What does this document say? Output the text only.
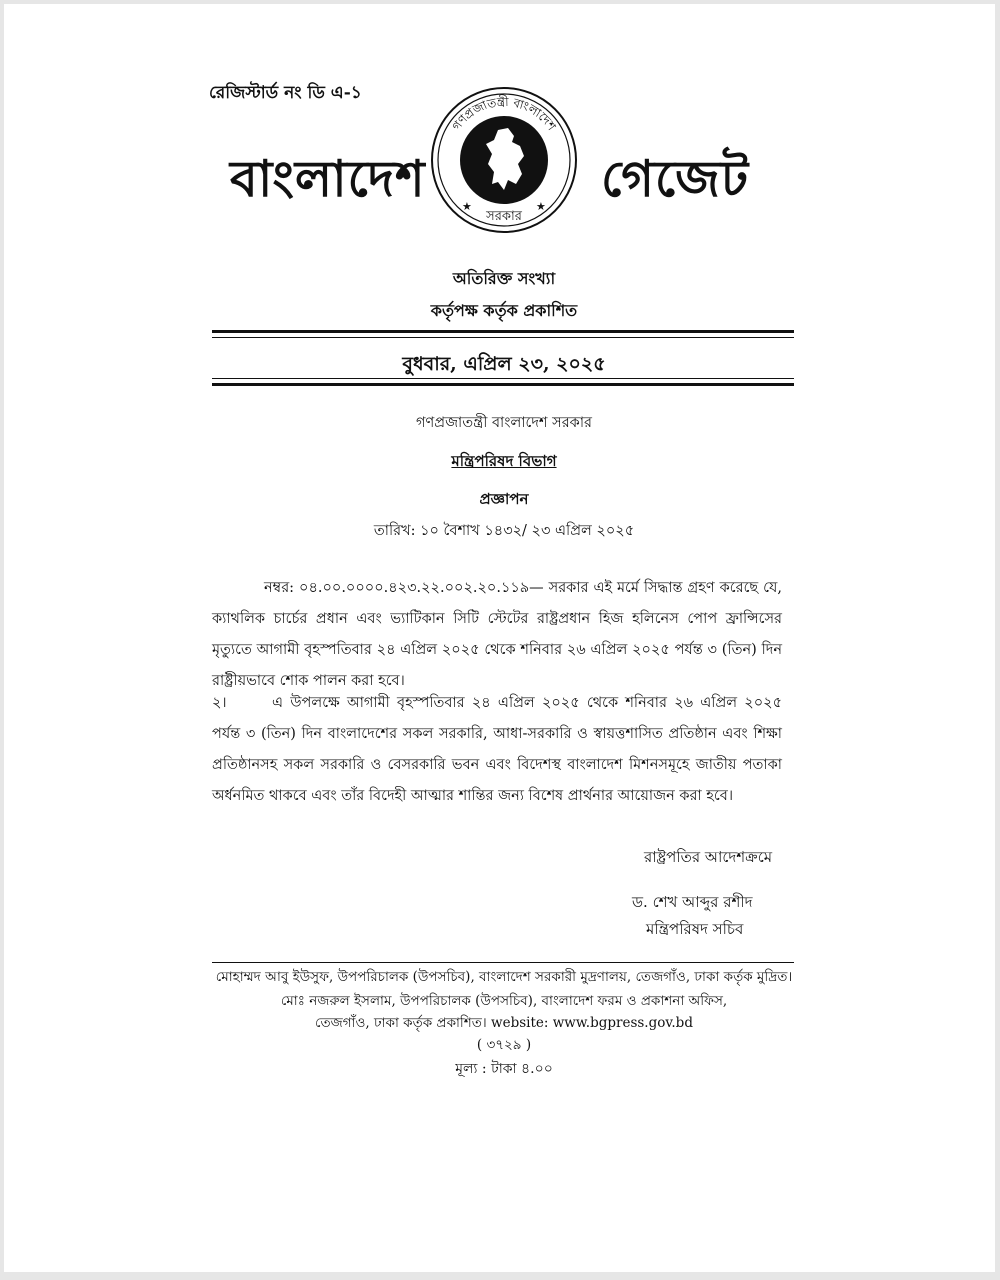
রেজিস্টার্ড নং ডি এ-১
বাংলাদেশ
গণপ্রজাতন্ত্রী বাংলাদেশ
সরকার
★	★ গেজেট
অতিরিক্ত সংখ্যা
কর্তৃপক্ষ কর্তৃক প্রকাশিত
বুধবার, এপ্রিল ২৩, ২০২৫
গণপ্রজাতন্ত্রী বাংলাদেশ সরকার
মন্ত্রিপরিষদ বিভাগ
প্রজ্ঞাপন
তারিখ: ১০ বৈশাখ ১৪৩২/ ২৩ এপ্রিল ২০২৫
নম্বর: ০৪.০০.০০০০.৪২৩.২২.০০২.২০.১১৯— সরকার এই মর্মে সিদ্ধান্ত গ্রহণ করেছে যে, ক্যাথলিক চার্চের প্রধান এবং ভ্যাটিকান সিটি স্টেটের রাষ্ট্রপ্রধান হিজ হলিনেস পোপ ফ্রান্সিসের মৃত্যুতে আগামী বৃহস্পতিবার ২৪ এপ্রিল ২০২৫ থেকে শনিবার ২৬ এপ্রিল ২০২৫ পর্যন্ত ৩ (তিন) দিন রাষ্ট্রীয়ভাবে শোক পালন করা হবে।
২।	এ উপলক্ষে আগামী বৃহস্পতিবার ২৪ এপ্রিল ২০২৫ থেকে শনিবার ২৬ এপ্রিল ২০২৫ পর্যন্ত ৩ (তিন) দিন বাংলাদেশের সকল সরকারি, আধা-সরকারি ও স্বায়ত্তশাসিত প্রতিষ্ঠান এবং শিক্ষা প্রতিষ্ঠানসহ সকল সরকারি ও বেসরকারি ভবন এবং বিদেশস্থ বাংলাদেশ মিশনসমূহে জাতীয় পতাকা অর্ধনমিত থাকবে এবং তাঁর বিদেহী আত্মার শান্তির জন্য বিশেষ প্রার্থনার আয়োজন করা হবে।
রাষ্ট্রপতির আদেশক্রমে
ড. শেখ আব্দুর রশীদ
মন্ত্রিপরিষদ সচিব
মোহাম্মদ আবু ইউসুফ, উপপরিচালক (উপসচিব), বাংলাদেশ সরকারী মুদ্রণালয়, তেজগাঁও, ঢাকা কর্তৃক মুদ্রিত।
মোঃ নজরুল ইসলাম, উপপরিচালক (উপসচিব), বাংলাদেশ ফরম ও প্রকাশনা অফিস,
তেজগাঁও, ঢাকা কর্তৃক প্রকাশিত। website: www.bgpress.gov.bd
( ৩৭২৯ )
মূল্য : টাকা ৪.০০
